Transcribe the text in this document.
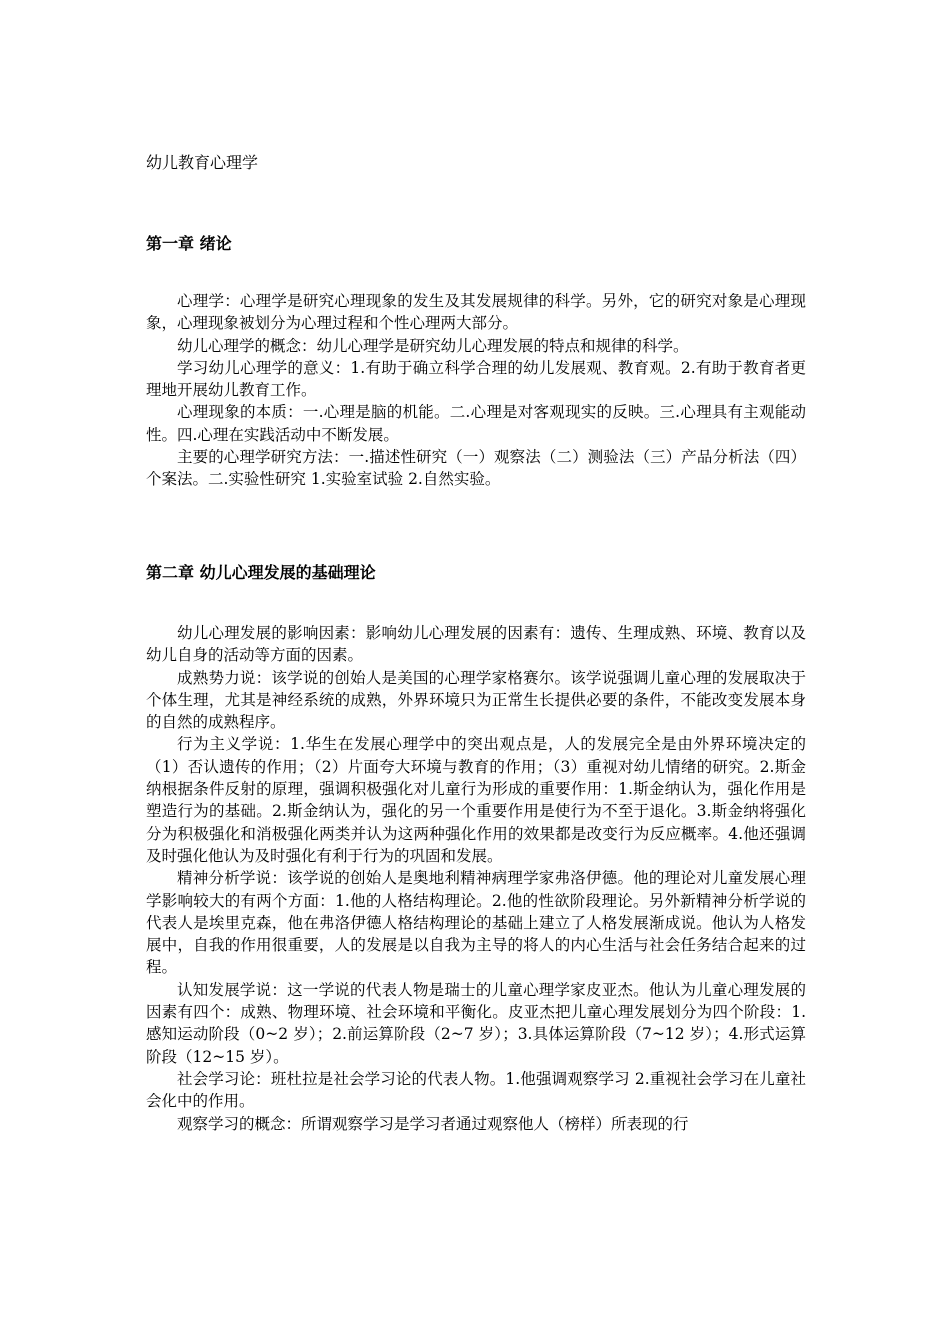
幼儿教育心理学
第一章 绪论

心理学：心理学是研究心理现象的发生及其发展规律的科学。另外，它的研究对象是心理现象，心理现象被划分为心理过程和个性心理两大部分。

幼儿心理学的概念：幼儿心理学是研究幼儿心理发展的特点和规律的科学。

学习幼儿心理学的意义：1.有助于确立科学合理的幼儿发展观、教育观。2.有助于教育者更理地开展幼儿教育工作。

心理现象的本质：一.心理是脑的机能。二.心理是对客观现实的反映。三.心理具有主观能动性。四.心理在实践活动中不断发展。

主要的心理学研究方法：一.描述性研究（一）观察法（二）测验法（三）产品分析法（四）个案法。二.实验性研究 1.实验室试验 2.自然实验。

第二章 幼儿心理发展的基础理论

幼儿心理发展的影响因素：影响幼儿心理发展的因素有：遗传、生理成熟、环境、教育以及幼儿自身的活动等方面的因素。

成熟势力说：该学说的创始人是美国的心理学家格赛尔。该学说强调儿童心理的发展取决于个体生理，尤其是神经系统的成熟，外界环境只为正常生长提供必要的条件，不能改变发展本身的自然的成熟程序。

行为主义学说：1.华生在发展心理学中的突出观点是，人的发展完全是由外界环境决定的（1）否认遗传的作用；（2）片面夸大环境与教育的作用；（3）重视对幼儿情绪的研究。2.斯金纳根据条件反射的原理，强调积极强化对儿童行为形成的重要作用：1.斯金纳认为，强化作用是塑造行为的基础。2.斯金纳认为，强化的另一个重要作用是使行为不至于退化。3.斯金纳将强化分为积极强化和消极强化两类并认为这两种强化作用的效果都是改变行为反应概率。4.他还强调及时强化他认为及时强化有利于行为的巩固和发展。

精神分析学说：该学说的创始人是奥地利精神病理学家弗洛伊德。他的理论对儿童发展心理学影响较大的有两个方面：1.他的人格结构理论。2.他的性欲阶段理论。另外新精神分析学说的代表人是埃里克森，他在弗洛伊德人格结构理论的基础上建立了人格发展渐成说。他认为人格发展中，自我的作用很重要，人的发展是以自我为主导的将人的内心生活与社会任务结合起来的过程。

认知发展学说：这一学说的代表人物是瑞士的儿童心理学家皮亚杰。他认为儿童心理发展的因素有四个：成熟、物理环境、社会环境和平衡化。皮亚杰把儿童心理发展划分为四个阶段：1.感知运动阶段（0~2 岁）；2.前运算阶段（2~7 岁）；3.具体运算阶段（7~12 岁）；4.形式运算阶段（12~15 岁）。

社会学习论：班杜拉是社会学习论的代表人物。1.他强调观察学习 2.重视社会学习在儿童社会化中的作用。

观察学习的概念：所谓观察学习是学习者通过观察他人（榜样）所表现的行
